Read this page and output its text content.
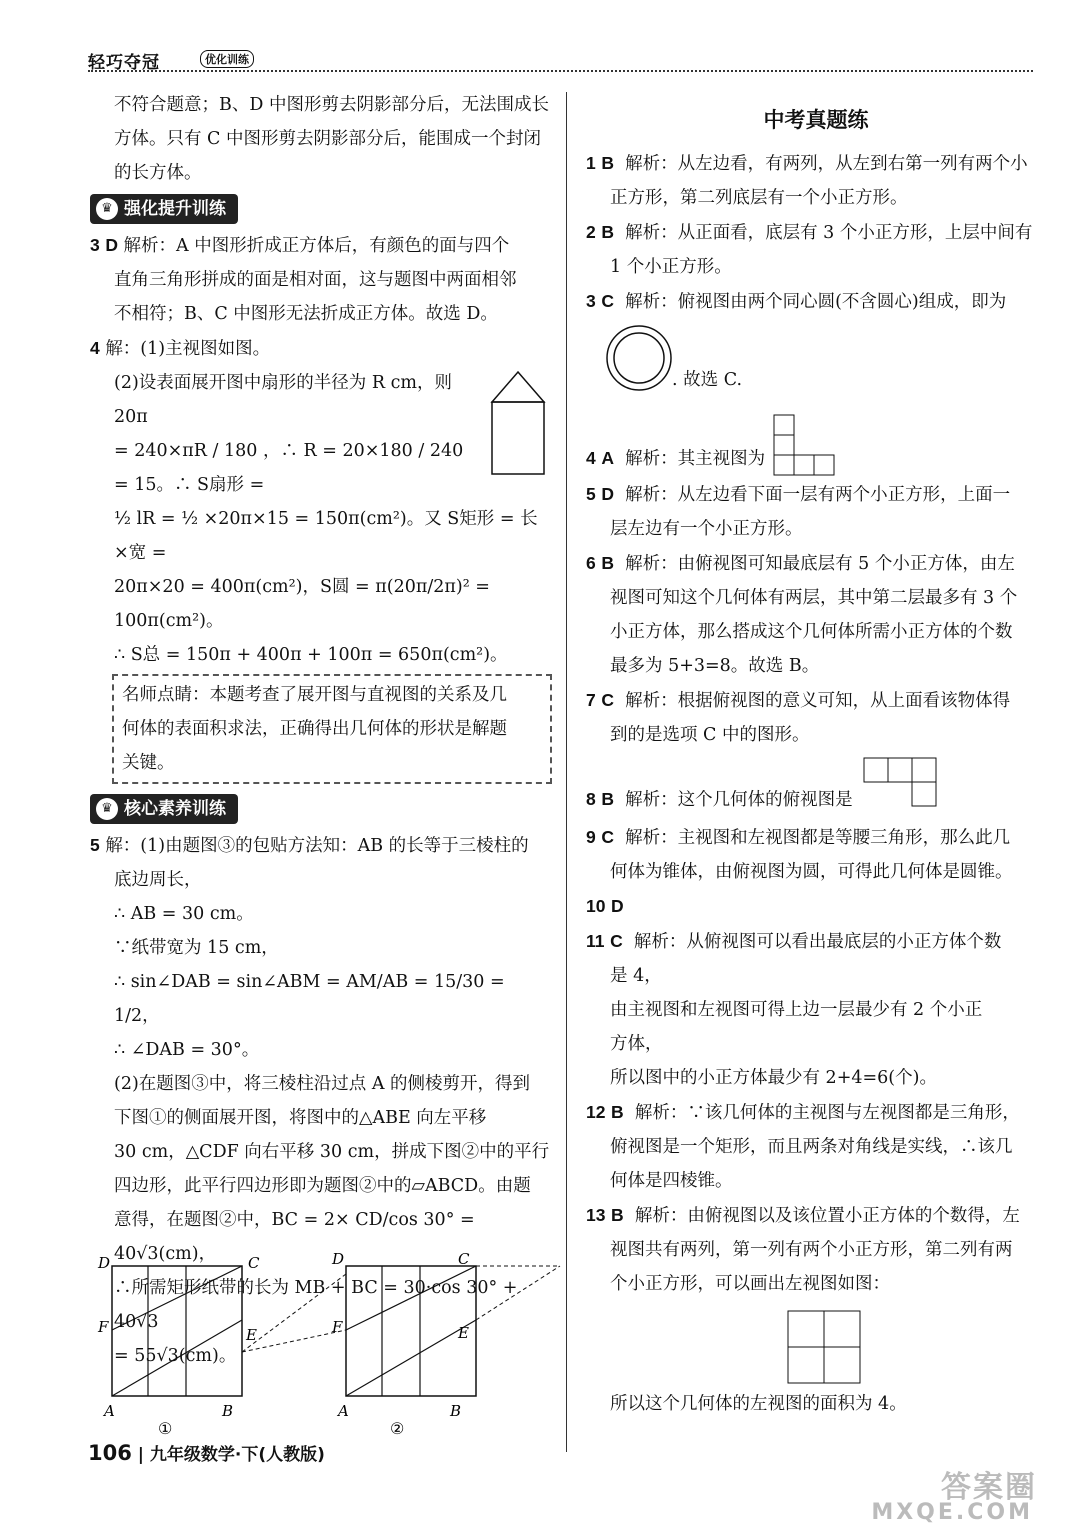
轻巧夺冠	优化训练

不符合题意；B、D 中图形剪去阴影部分后，无法围成长

方体。只有 C 中图形剪去阴影部分后，能围成一个封闭

的长方体。

♛ 强化提升训练

3 D 解析：A 中图形折成正方体后，有颜色的面与四个

直角三角形拼成的面是相对面，这与题图中两面相邻

不相符；B、C 中图形无法折成正方体。故选 D。

4 解：(1)主视图如图。

(2)设表面展开图中扇形的半径为 R cm，则 20π

= 240×πR / 180 ，∴ R = 20×180 / 240 = 15。∴ S扇形 =

½ lR = ½ ×20π×15 = 150π(cm²)。又 S矩形 = 长×宽 =

20π×20 = 400π(cm²)，S圆 = π(20π/2π)² = 100π(cm²)。

∴ S总 = 150π + 400π + 100π = 650π(cm²)。

名师点睛：本题考查了展开图与直视图的关系及几

何体的表面积求法，正确得出几何体的形状是解题

关键。

♛ 核心素养训练

5 解：(1)由题图③的包贴方法知：AB 的长等于三棱柱的

底边周长，

∴ AB = 30 cm。

∵纸带宽为 15 cm，

∴ sin∠DAB = sin∠ABM = AM/AB = 15/30 = 1/2，

∴ ∠DAB = 30°。

(2)在题图③中，将三棱柱沿过点 A 的侧棱剪开，得到

下图①的侧面展开图，将图中的△ABE 向左平移

30 cm，△CDF 向右平移 30 cm，拼成下图②中的平行

四边形，此平行四边形即为题图②中的▱ABCD。由题

意得，在题图②中，BC = 2× CD/cos 30° = 40√3(cm)，

∴所需矩形纸带的长为 MB + BC = 30·cos 30° + 40√3

= 55√3(cm)。

D	C
F	E
A	B
①
D	C
F	E
A	B
②
中考真题练

1 B 解析：从左边看，有两列，从左到右第一列有两个小

正方形，第二列底层有一个小正方形。

2 B 解析：从正面看，底层有 3 个小正方形，上层中间有

1 个小正方形。

3 C 解析：俯视图由两个同心圆(不含圆心)组成，即为

. 故选 C.

4 A 解析：其主视图为

5 D 解析：从左边看下面一层有两个小正方形，上面一

层左边有一个小正方形。

6 B 解析：由俯视图可知最底层有 5 个小正方体，由左

视图可知这个几何体有两层，其中第二层最多有 3 个

小正方体，那么搭成这个几何体所需小正方体的个数

最多为 5+3=8。故选 B。

7 C 解析：根据俯视图的意义可知，从上面看该物体得

到的是选项 C 中的图形。

8 B 解析：这个几何体的俯视图是

9 C 解析：主视图和左视图都是等腰三角形，那么此几

何体为锥体，由俯视图为圆，可得此几何体是圆锥。

10 D

11 C 解析：从俯视图可以看出最底层的小正方体个数

是 4，

由主视图和左视图可得上边一层最少有 2 个小正

方体，

所以图中的小正方体最少有 2+4=6(个)。

12 B 解析：∵该几何体的主视图与左视图都是三角形，

俯视图是一个矩形，而且两条对角线是实线，∴该几

何体是四棱锥。

13 B 解析：由俯视图以及该位置小正方体的个数得，左

视图共有两列，第一列有两个小正方形，第二列有两

个小正方形，可以画出左视图如图：

所以这个几何体的左视图的面积为 4。

106 | 九年级数学·下(人教版)
答案圈
MXQE.COM
